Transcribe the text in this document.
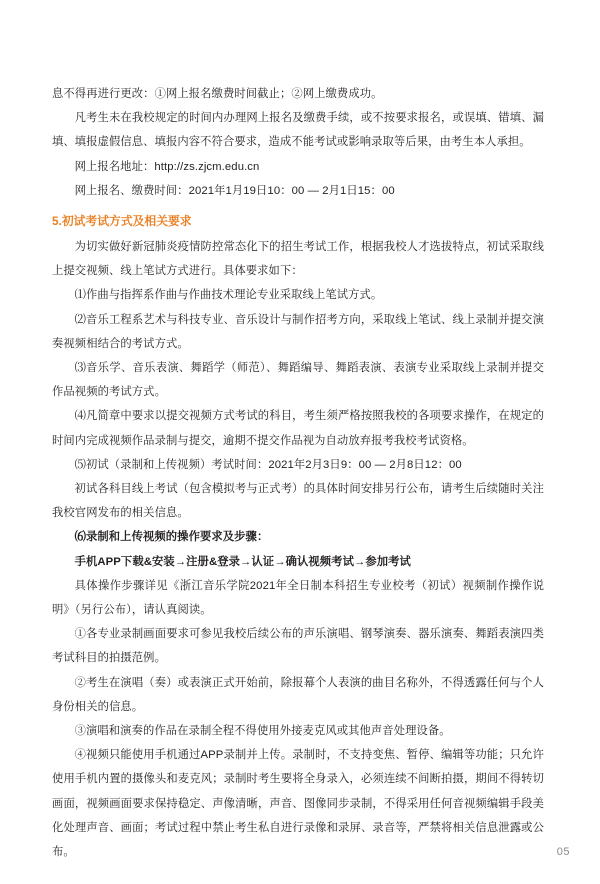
息不得再进行更改：①网上报名缴费时间截止；②网上缴费成功。

凡考生未在我校规定的时间内办理网上报名及缴费手续，或不按要求报名，或误填、错填、漏填、填报虚假信息、填报内容不符合要求，造成不能考试或影响录取等后果，由考生本人承担。

网上报名地址：http://zs.zjcm.edu.cn

网上报名、缴费时间：2021年1月19日10：00 — 2月1日15：00

5.初试考试方式及相关要求

为切实做好新冠肺炎疫情防控常态化下的招生考试工作，根据我校人才选拔特点，初试采取线上提交视频、线上笔试方式进行。具体要求如下：

⑴作曲与指挥系作曲与作曲技术理论专业采取线上笔试方式。

⑵音乐工程系艺术与科技专业、音乐设计与制作招考方向，采取线上笔试、线上录制并提交演奏视频相结合的考试方式。

⑶音乐学、音乐表演、舞蹈学（师范）、舞蹈编导、舞蹈表演、表演专业采取线上录制并提交作品视频的考试方式。

⑷凡简章中要求以提交视频方式考试的科目，考生须严格按照我校的各项要求操作，在规定的时间内完成视频作品录制与提交，逾期不提交作品视为自动放弃报考我校考试资格。

⑸初试（录制和上传视频）考试时间：2021年2月3日9：00 — 2月8日12：00

初试各科目线上考试（包含模拟考与正式考）的具体时间安排另行公布，请考生后续随时关注我校官网发布的相关信息。

⑹录制和上传视频的操作要求及步骤：

手机APP下载&安装→注册&登录→认证→确认视频考试→参加考试

具体操作步骤详见《浙江音乐学院2021年全日制本科招生专业校考（初试）视频制作操作说明》（另行公布），请认真阅读。

①各专业录制画面要求可参见我校后续公布的声乐演唱、钢琴演奏、器乐演奏、舞蹈表演四类考试科目的拍摄范例。

②考生在演唱（奏）或表演正式开始前，除报幕个人表演的曲目名称外，不得透露任何与个人身份相关的信息。

③演唱和演奏的作品在录制全程不得使用外接麦克风或其他声音处理设备。

④视频只能使用手机通过APP录制并上传。录制时，不支持变焦、暂停、编辑等功能；只允许使用手机内置的摄像头和麦克风；录制时考生要将全身录入，必须连续不间断拍摄，期间不得转切画面，视频画面要求保持稳定、声像清晰，声音、图像同步录制，不得采用任何音视频编辑手段美化处理声音、画面；考试过程中禁止考生私自进行录像和录屏、录音等，严禁将相关信息泄露或公布。	05
